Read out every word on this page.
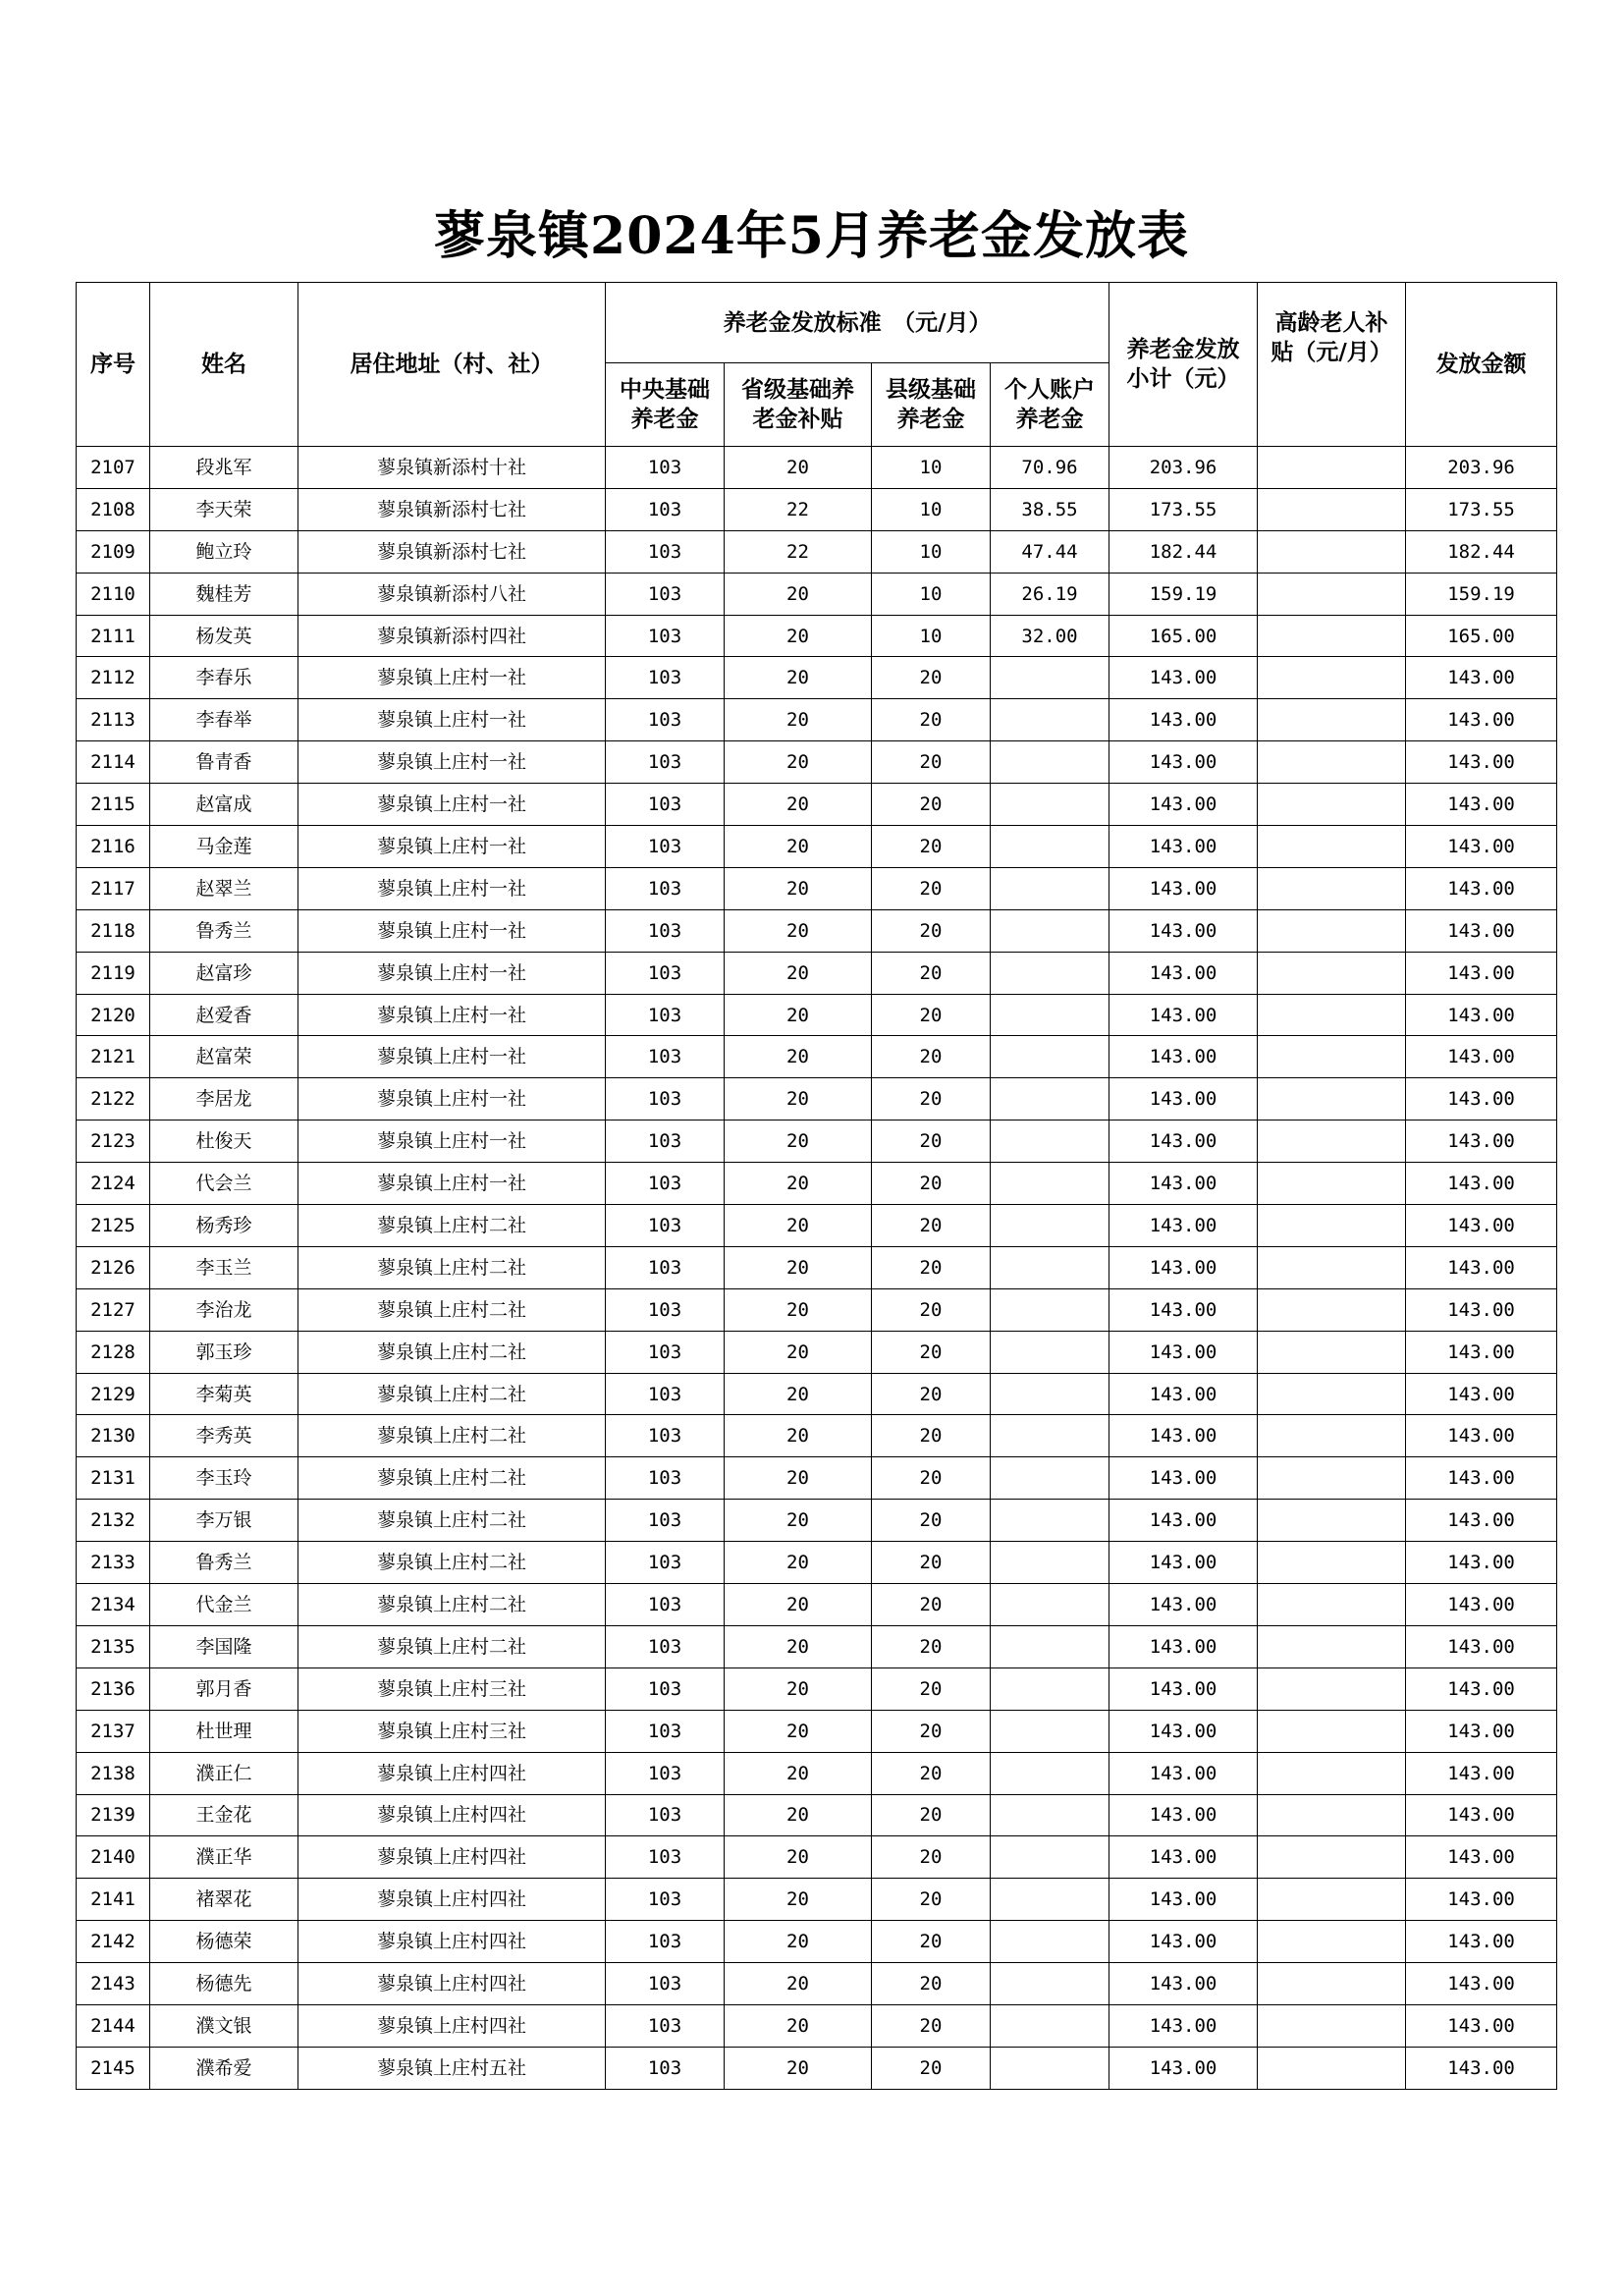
蓼泉镇2024年5月养老金发放表
序号	姓名	居住地址（村、社）	养老金发放标准　（元/月）				养老金发放小计（元）	高龄老人补贴（元/月）	发放金额
			中央基础养老金	省级基础养老金补贴	县级基础养老金	个人账户养老金			
2107	段兆军	蓼泉镇新添村十社	103	20	10	70.96	203.96		203.96
2108	李天荣	蓼泉镇新添村七社	103	22	10	38.55	173.55		173.55
2109	鲍立玲	蓼泉镇新添村七社	103	22	10	47.44	182.44		182.44
2110	魏桂芳	蓼泉镇新添村八社	103	20	10	26.19	159.19		159.19
2111	杨发英	蓼泉镇新添村四社	103	20	10	32.00	165.00		165.00
2112	李春乐	蓼泉镇上庄村一社	103	20	20		143.00		143.00
2113	李春举	蓼泉镇上庄村一社	103	20	20		143.00		143.00
2114	鲁青香	蓼泉镇上庄村一社	103	20	20		143.00		143.00
2115	赵富成	蓼泉镇上庄村一社	103	20	20		143.00		143.00
2116	马金莲	蓼泉镇上庄村一社	103	20	20		143.00		143.00
2117	赵翠兰	蓼泉镇上庄村一社	103	20	20		143.00		143.00
2118	鲁秀兰	蓼泉镇上庄村一社	103	20	20		143.00		143.00
2119	赵富珍	蓼泉镇上庄村一社	103	20	20		143.00		143.00
2120	赵爱香	蓼泉镇上庄村一社	103	20	20		143.00		143.00
2121	赵富荣	蓼泉镇上庄村一社	103	20	20		143.00		143.00
2122	李居龙	蓼泉镇上庄村一社	103	20	20		143.00		143.00
2123	杜俊天	蓼泉镇上庄村一社	103	20	20		143.00		143.00
2124	代会兰	蓼泉镇上庄村一社	103	20	20		143.00		143.00
2125	杨秀珍	蓼泉镇上庄村二社	103	20	20		143.00		143.00
2126	李玉兰	蓼泉镇上庄村二社	103	20	20		143.00		143.00
2127	李治龙	蓼泉镇上庄村二社	103	20	20		143.00		143.00
2128	郭玉珍	蓼泉镇上庄村二社	103	20	20		143.00		143.00
2129	李菊英	蓼泉镇上庄村二社	103	20	20		143.00		143.00
2130	李秀英	蓼泉镇上庄村二社	103	20	20		143.00		143.00
2131	李玉玲	蓼泉镇上庄村二社	103	20	20		143.00		143.00
2132	李万银	蓼泉镇上庄村二社	103	20	20		143.00		143.00
2133	鲁秀兰	蓼泉镇上庄村二社	103	20	20		143.00		143.00
2134	代金兰	蓼泉镇上庄村二社	103	20	20		143.00		143.00
2135	李国隆	蓼泉镇上庄村二社	103	20	20		143.00		143.00
2136	郭月香	蓼泉镇上庄村三社	103	20	20		143.00		143.00
2137	杜世理	蓼泉镇上庄村三社	103	20	20		143.00		143.00
2138	濮正仁	蓼泉镇上庄村四社	103	20	20		143.00		143.00
2139	王金花	蓼泉镇上庄村四社	103	20	20		143.00		143.00
2140	濮正华	蓼泉镇上庄村四社	103	20	20		143.00		143.00
2141	褚翠花	蓼泉镇上庄村四社	103	20	20		143.00		143.00
2142	杨德荣	蓼泉镇上庄村四社	103	20	20		143.00		143.00
2143	杨德先	蓼泉镇上庄村四社	103	20	20		143.00		143.00
2144	濮文银	蓼泉镇上庄村四社	103	20	20		143.00		143.00
2145	濮希爱	蓼泉镇上庄村五社	103	20	20		143.00		143.00
